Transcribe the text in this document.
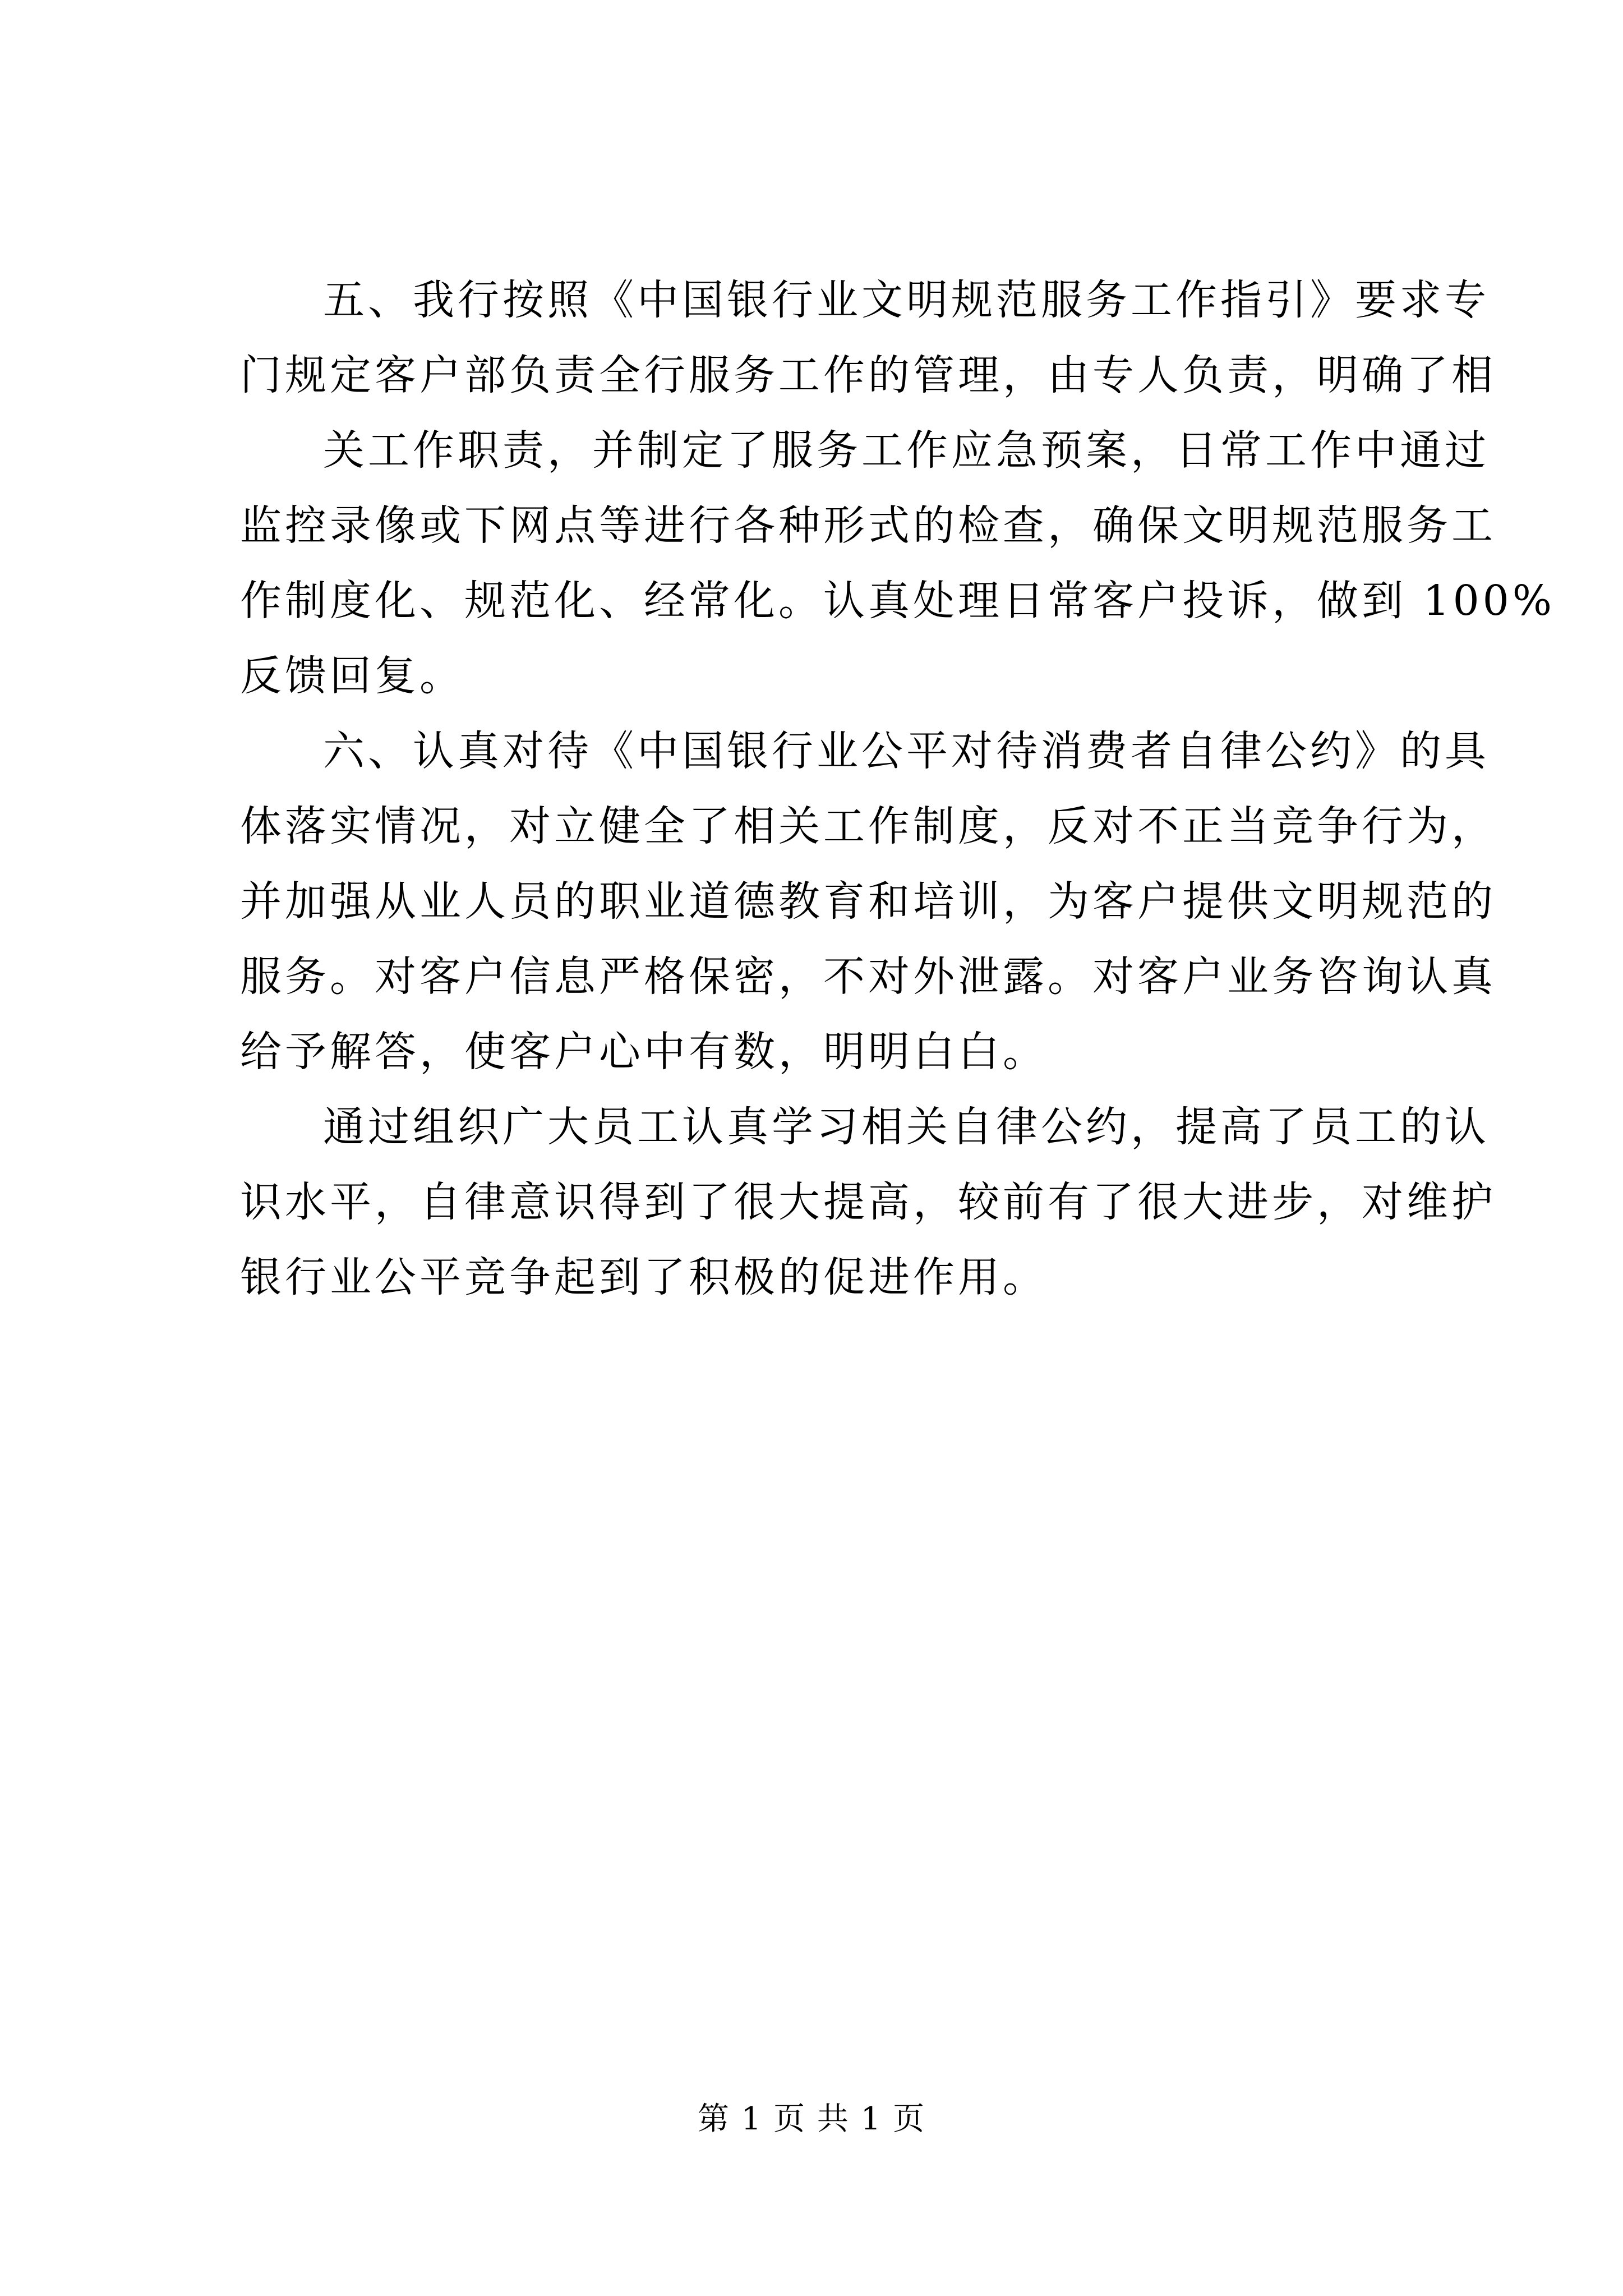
五、我行按照《中国银行业文明规范服务工作指引》要求专
门规定客户部负责全行服务工作的管理，由专人负责，明确了相
关工作职责，并制定了服务工作应急预案，日常工作中通过
监控录像或下网点等进行各种形式的检查，确保文明规范服务工
作制度化、规范化、经常化。认真处理日常客户投诉，做到 100%
反馈回复。
六、认真对待《中国银行业公平对待消费者自律公约》的具
体落实情况，对立健全了相关工作制度，反对不正当竞争行为，
并加强从业人员的职业道德教育和培训，为客户提供文明规范的
服务。对客户信息严格保密，不对外泄露。对客户业务咨询认真
给予解答，使客户心中有数，明明白白。
通过组织广大员工认真学习相关自律公约，提高了员工的认
识水平，自律意识得到了很大提高，较前有了很大进步，对维护
银行业公平竞争起到了积极的促进作用。
第 1 页 共 1 页
